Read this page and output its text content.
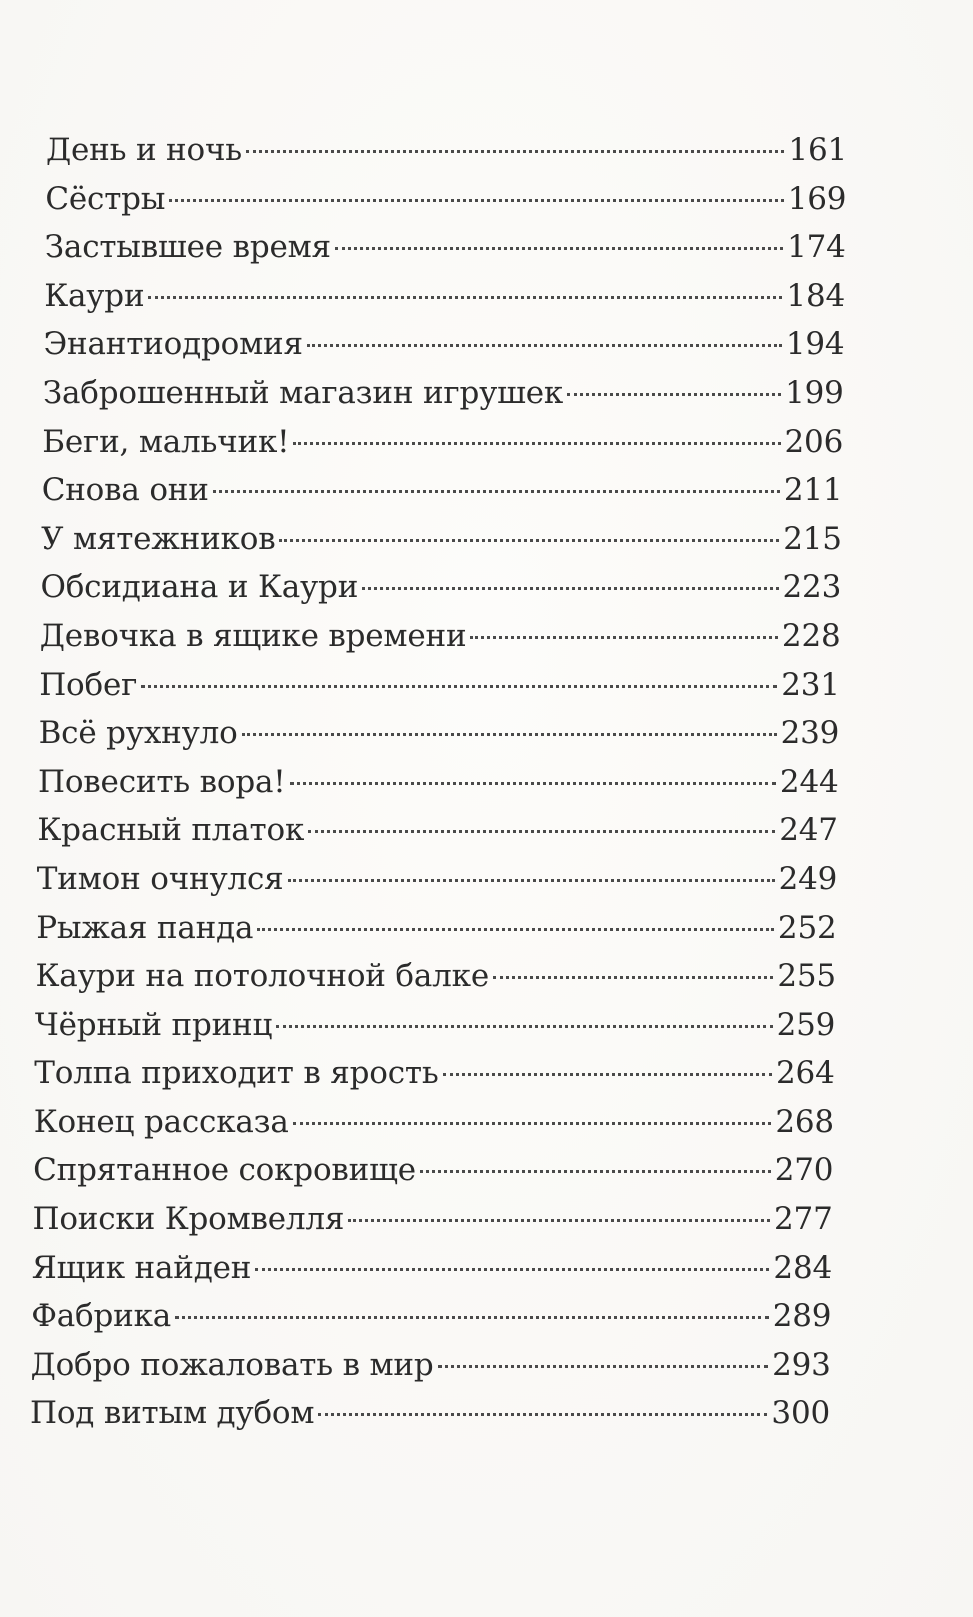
День и ночь	161
Сёстры	169
Застывшее время	174
Каури	184
Энантиодромия	194
Заброшенный магазин игрушек	199
Беги, мальчик!	206
Снова они	211
У мятежников	215
Обсидиана и Каури	223
Девочка в ящике времени	228
Побег	231
Всё рухнуло	239
Повесить вора!	244
Красный платок	247
Тимон очнулся	249
Рыжая панда	252
Каури на потолочной балке	255
Чёрный принц	259
Толпа приходит в ярость	264
Конец рассказа	268
Спрятанное сокровище	270
Поиски Кромвелля	277
Ящик найден	284
Фабрика	289
Добро пожаловать в мир	293
Под витым дубом	300
